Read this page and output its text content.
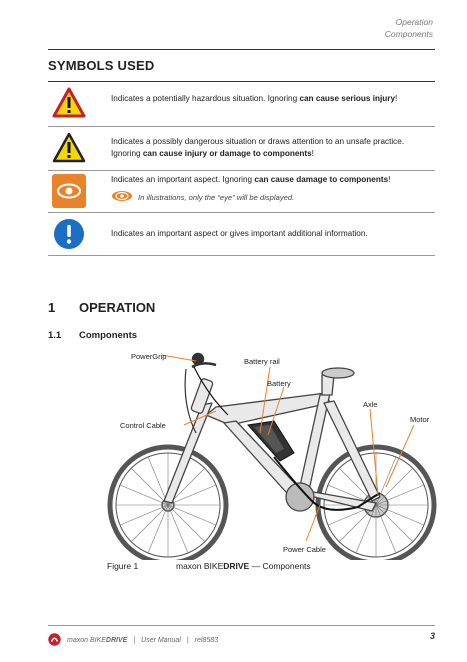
Operation
Components
SYMBOLS USED
Indicates a potentially hazardous situation. Ignoring can cause serious injury!
Indicates a possibly dangerous situation or draws attention to an unsafe practice. Ignoring can cause injury or damage to components!
Indicates an important aspect. Ignoring can cause damage to components!
In illustrations, only the “eye” will be displayed.
Indicates an important aspect or gives important additional information.
1 OPERATION
1.1 Components
PowerGrip
Battery rail
Battery
Axle
Motor
Control Cable
Power Cable
Figure 1	maxon BIKEDRIVE — Components
maxon BIKEDRIVE | User Manual | rel8583	3
